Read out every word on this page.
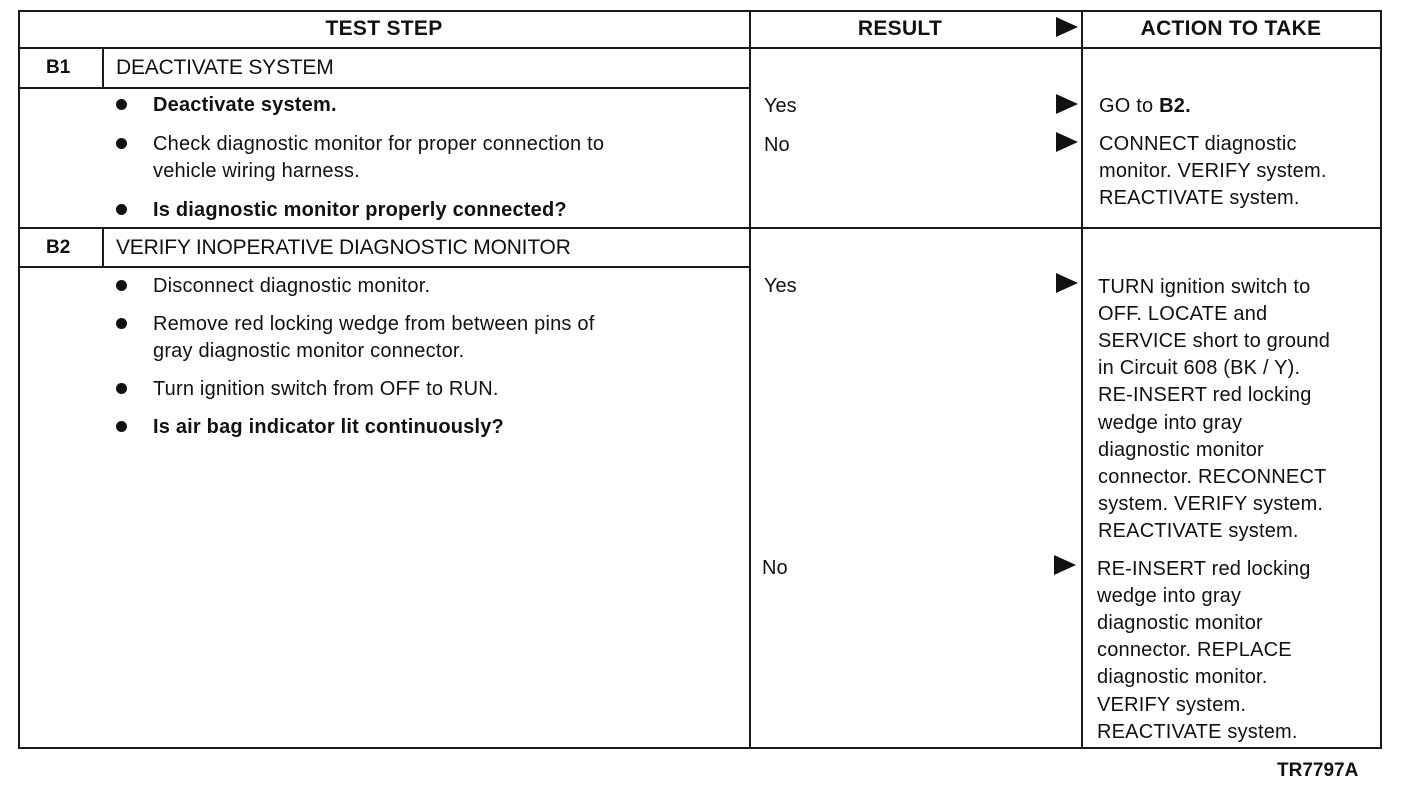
TEST STEP	RESULT	ACTION TO TAKE
B1 DEACTIVATE SYSTEM
Deactivate system.
Check diagnostic monitor for proper connection to
vehicle wiring harness.
Is diagnostic monitor properly connected?
Yes	GO to B2.
No	CONNECT diagnostic
monitor. VERIFY system.
REACTIVATE system.
B2 VERIFY INOPERATIVE DIAGNOSTIC MONITOR
Disconnect diagnostic monitor.
Remove red locking wedge from between pins of
gray diagnostic monitor connector.
Turn ignition switch from OFF to RUN.
Is air bag indicator lit continuously?
Yes	TURN ignition switch to
OFF. LOCATE and
SERVICE short to ground
in Circuit 608 (BK / Y).
RE-INSERT red locking
wedge into gray
diagnostic monitor
connector. RECONNECT
system. VERIFY system.
REACTIVATE system.
No	RE-INSERT red locking
wedge into gray
diagnostic monitor
connector. REPLACE
diagnostic monitor.
VERIFY system.
REACTIVATE system.
TR7797A
